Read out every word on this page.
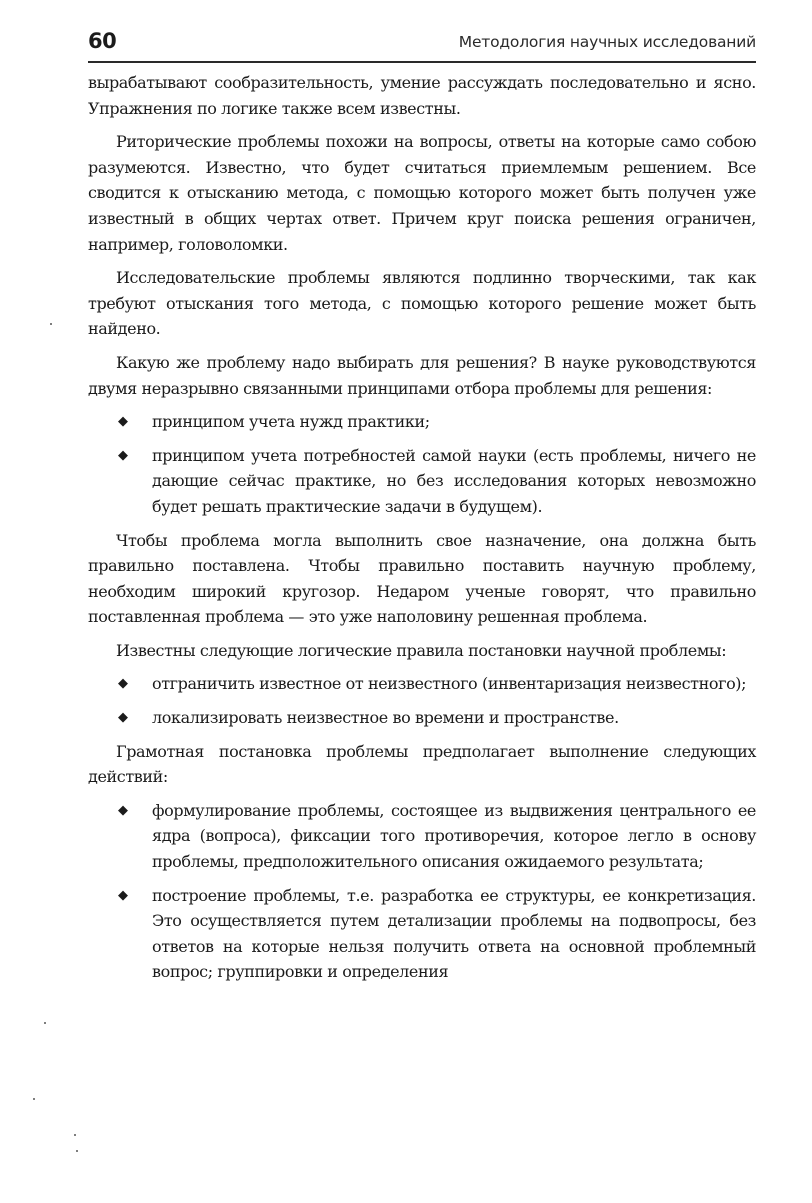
60	Методология научных исследований

вырабатывают сообразительность, умение рассуждать последовательно и ясно. Упражнения по логике также всем известны.

Риторические проблемы похожи на вопросы, ответы на которые само собою разумеются. Известно, что будет считаться приемлемым решением. Все сводится к отысканию метода, с помощью которого может быть получен уже известный в общих чертах ответ. Причем круг поиска решения ограничен, например, головоломки.

Исследовательские проблемы являются подлинно творческими, так как требуют отыскания того метода, с помощью которого решение может быть найдено.

Какую же проблему надо выбирать для решения? В науке руководствуются двумя неразрывно связанными принципами отбора проблемы для решения:

◆ принципом учета нужд практики;
◆ принципом учета потребностей самой науки (есть проблемы, ничего не дающие сейчас практике, но без исследования которых невозможно будет решать практические задачи в будущем).

Чтобы проблема могла выполнить свое назначение, она должна быть правильно поставлена. Чтобы правильно поставить научную проблему, необходим широкий кругозор. Недаром ученые говорят, что правильно поставленная проблема — это уже наполовину решенная проблема.

Известны следующие логические правила постановки научной проблемы:

◆ отграничить известное от неизвестного (инвентаризация неизвестного);
◆ локализировать неизвестное во времени и пространстве.

Грамотная постановка проблемы предполагает выполнение следующих действий:

◆ формулирование проблемы, состоящее из выдвижения центрального ее ядра (вопроса), фиксации того противоречия, которое легло в основу проблемы, предположительного описания ожидаемого результата;
◆ построение проблемы, т.е. разработка ее структуры, ее конкретизация. Это осуществляется путем детализации проблемы на подвопросы, без ответов на которые нельзя получить ответа на основной проблемный вопрос; группировки и определения
